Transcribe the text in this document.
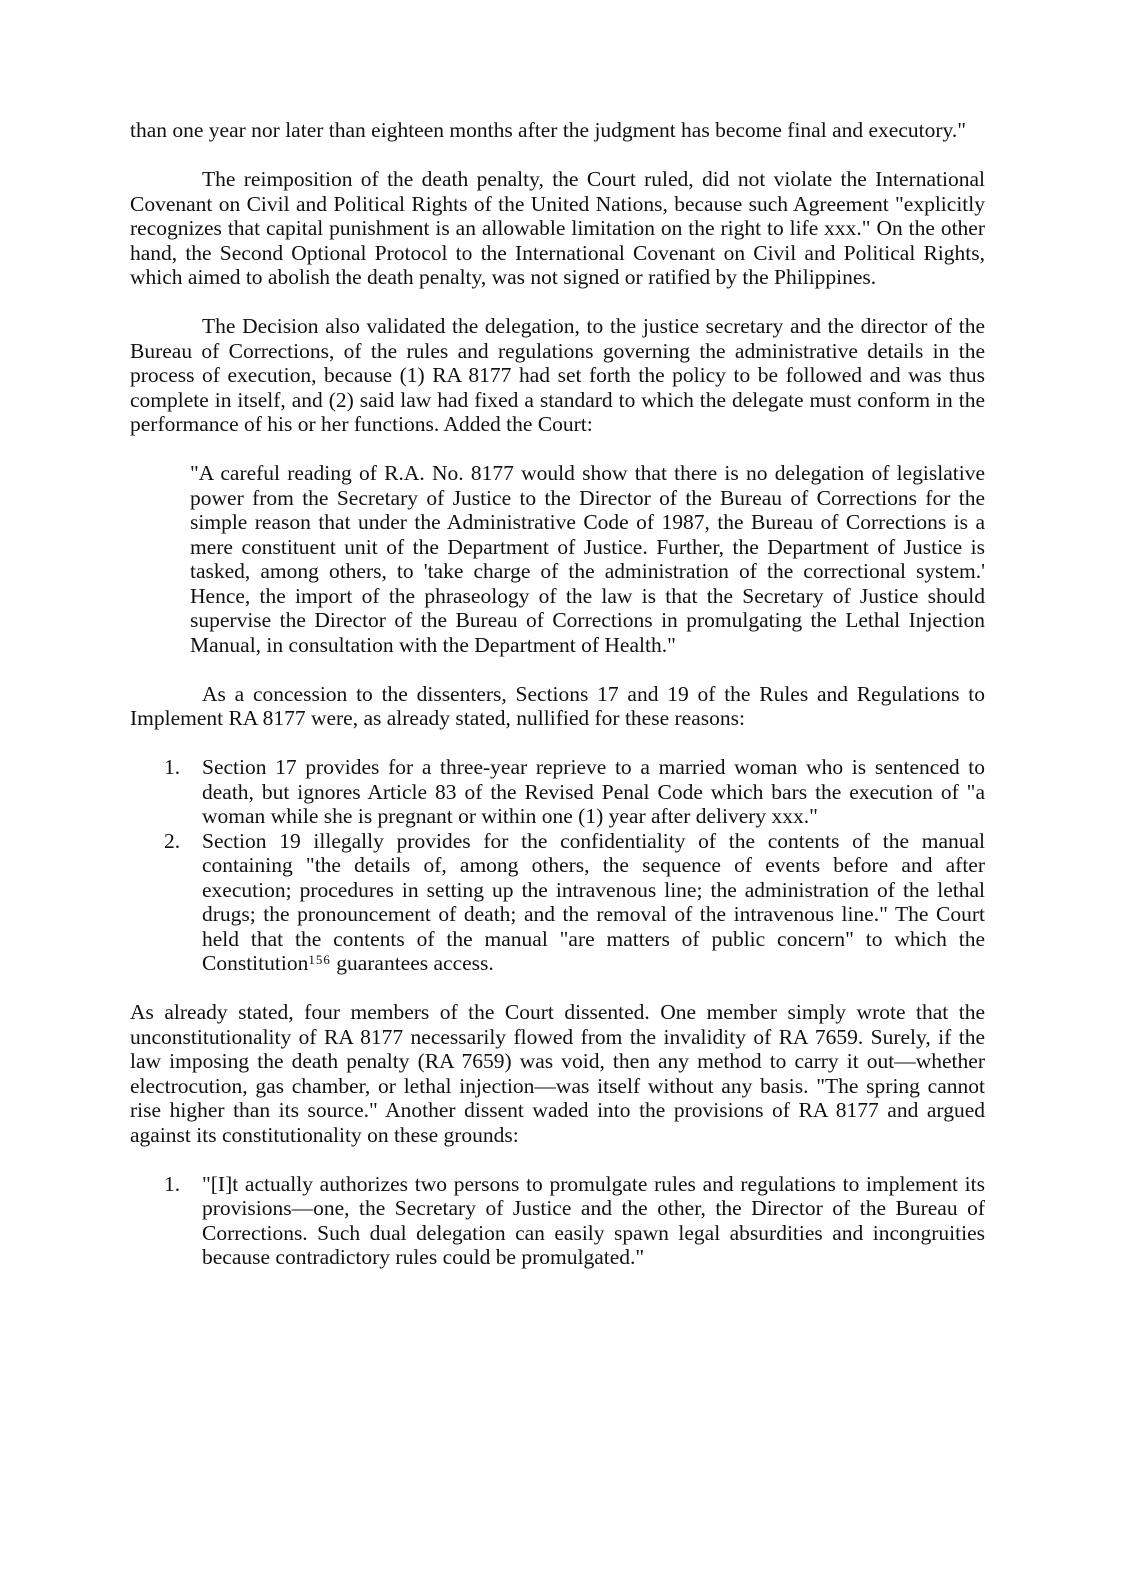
than one year nor later than eighteen months after the judgment has become final and executory."

The reimposition of the death penalty, the Court ruled, did not violate the International Covenant on Civil and Political Rights of the United Nations, because such Agreement "explicitly recognizes that capital punishment is an allowable limitation on the right to life xxx." On the other hand, the Second Optional Protocol to the International Covenant on Civil and Political Rights, which aimed to abolish the death penalty, was not signed or ratified by the Philippines.

The Decision also validated the delegation, to the justice secretary and the director of the Bureau of Corrections, of the rules and regulations governing the administrative details in the process of execution, because (1) RA 8177 had set forth the policy to be followed and was thus complete in itself, and (2) said law had fixed a standard to which the delegate must conform in the performance of his or her functions. Added the Court:

"A careful reading of R.A. No. 8177 would show that there is no delegation of legislative power from the Secretary of Justice to the Director of the Bureau of Corrections for the simple reason that under the Administrative Code of 1987, the Bureau of Corrections is a mere constituent unit of the Department of Justice. Further, the Department of Justice is tasked, among others, to 'take charge of the administration of the correctional system.' Hence, the import of the phraseology of the law is that the Secretary of Justice should supervise the Director of the Bureau of Corrections in promulgating the Lethal Injection Manual, in consultation with the Department of Health."

As a concession to the dissenters, Sections 17 and 19 of the Rules and Regulations to Implement RA 8177 were, as already stated, nullified for these reasons:

1. Section 17 provides for a three-year reprieve to a married woman who is sentenced to death, but ignores Article 83 of the Revised Penal Code which bars the execution of "a woman while she is pregnant or within one (1) year after delivery xxx."
2. Section 19 illegally provides for the confidentiality of the contents of the manual containing "the details of, among others, the sequence of events before and after execution; procedures in setting up the intravenous line; the administration of the lethal drugs; the pronouncement of death; and the removal of the intravenous line." The Court held that the contents of the manual "are matters of public concern" to which the Constitution$^{156}$ guarantees access.

As already stated, four members of the Court dissented. One member simply wrote that the unconstitutionality of RA 8177 necessarily flowed from the invalidity of RA 7659. Surely, if the law imposing the death penalty (RA 7659) was void, then any method to carry it out—whether electrocution, gas chamber, or lethal injection—was itself without any basis. "The spring cannot rise higher than its source." Another dissent waded into the provisions of RA 8177 and argued against its constitutionality on these grounds:

1. "[I]t actually authorizes two persons to promulgate rules and regulations to implement its provisions—one, the Secretary of Justice and the other, the Director of the Bureau of Corrections. Such dual delegation can easily spawn legal absurdities and incongruities because contradictory rules could be promulgated."
